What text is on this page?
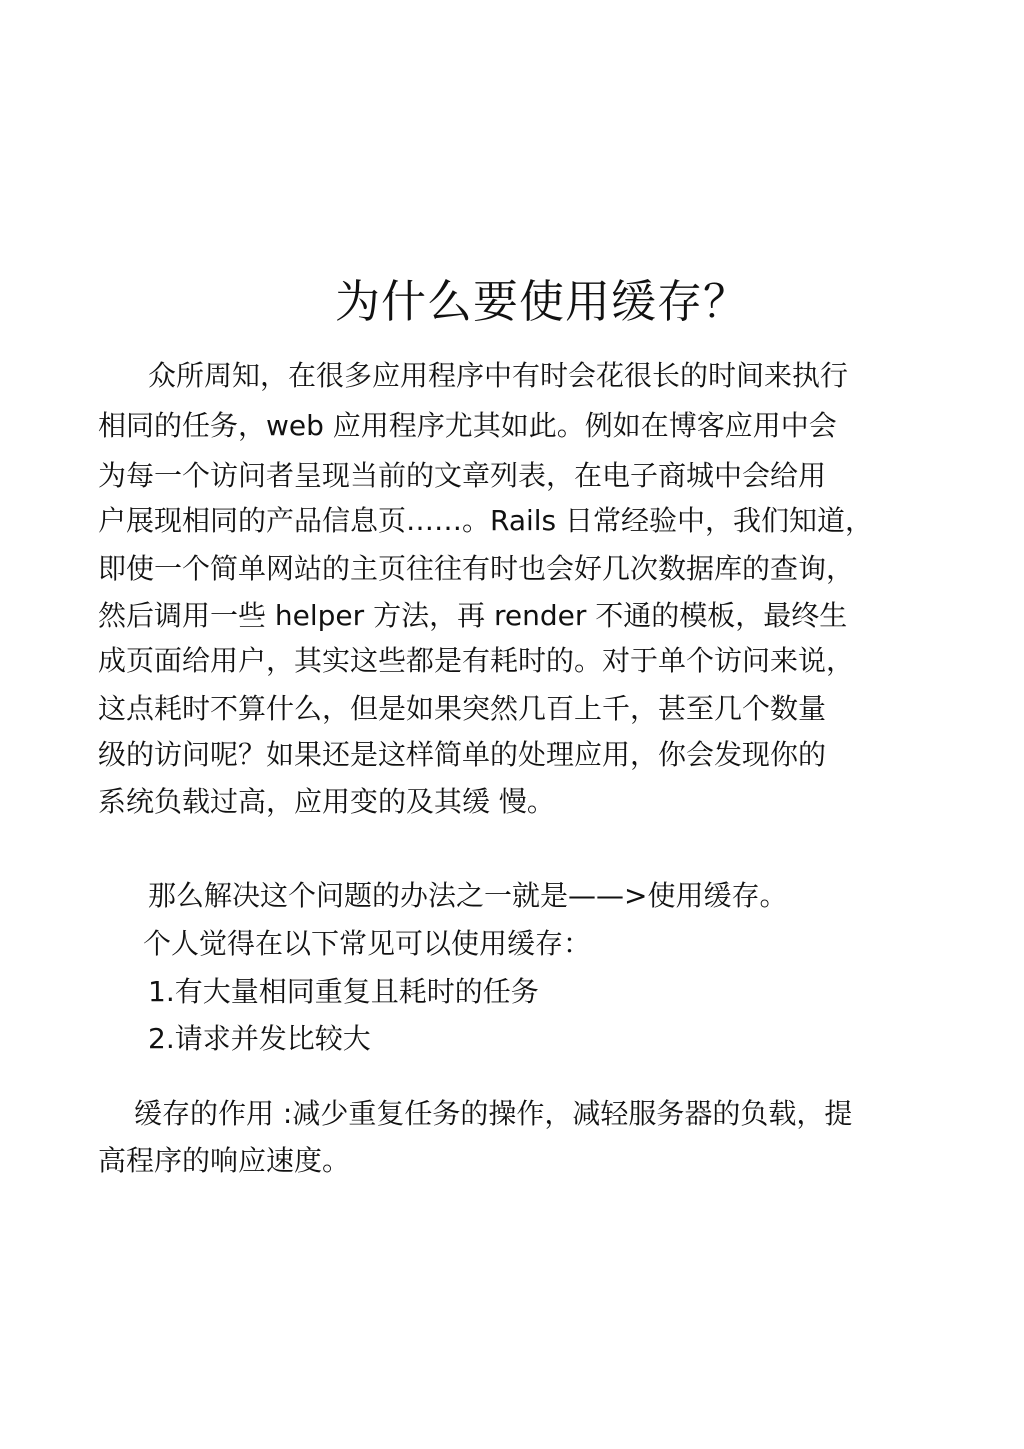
为什么要使用缓存？

众所周知，在很多应用程序中有时会花很长的时间来执行

相同的任务，web 应用程序尤其如此。例如在博客应用中会

为每一个访问者呈现当前的文章列表，在电子商城中会给用

户展现相同的产品信息页……。Rails 日常经验中，我们知道，

即使一个简单网站的主页往往有时也会好几次数据库的查询，

然后调用一些 helper 方法，再 render 不通的模板，最终生

成页面给用户，其实这些都是有耗时的。对于单个访问来说，

这点耗时不算什么，但是如果突然几百上千，甚至几个数量

级的访问呢？如果还是这样简单的处理应用，你会发现你的

系统负载过高，应用变的及其缓 慢。

那么解决这个问题的办法之一就是——>使用缓存。

个人觉得在以下常见可以使用缓存：

1.有大量相同重复且耗时的任务

2.请求并发比较大

缓存的作用 :减少重复任务的操作，减轻服务器的负载，提

高程序的响应速度。
